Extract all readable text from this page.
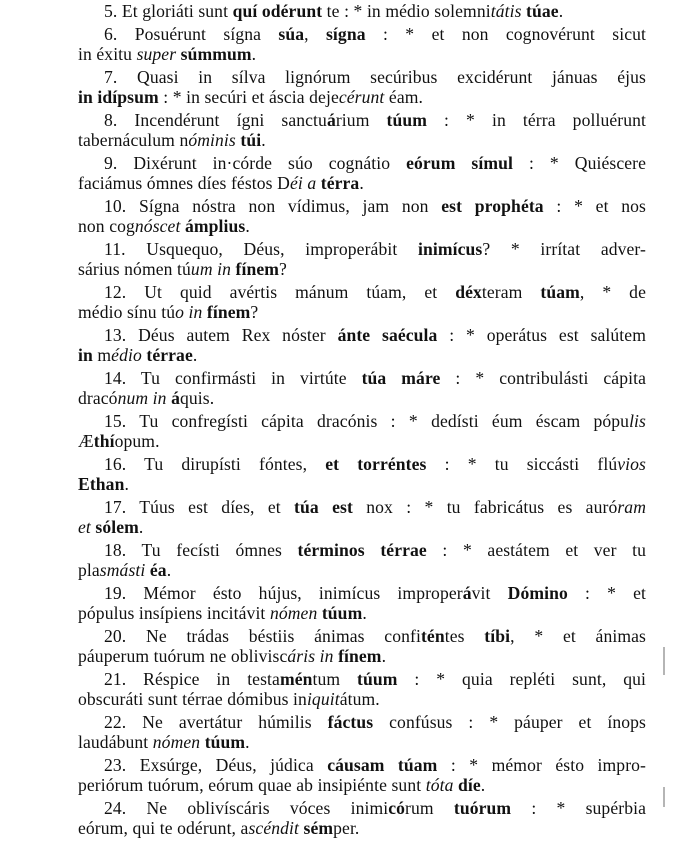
5. Et gloriáti sunt quí odérunt te : * in médio solemnitátis túae.
6. Posuérunt sígna súa, sígna : * et non cognovérunt sicut
in éxitu super súmmum.
7. Quasi in sílva lignórum secúribus excidérunt jánuas éjus
in idípsum : * in secúri et áscia dejecérunt éam.
8. Incendérunt ígni sanctuárium túum : * in térra polluérunt
tabernáculum nóminis túi.
9. Dixérunt in·córde súo cognátio eórum símul : * Quiéscere
faciámus ómnes díes féstos Déi a térra.
10. Sígna nóstra non vídimus, jam non est prophéta : * et nos
non cognóscet ámplius.
11. Usquequo, Déus, improperábit inimícus? * irrítat adver-
sárius nómen túum in fínem?
12. Ut quid avértis mánum túam, et déxteram túam, * de
médio sínu túo in fínem?
13. Déus autem Rex nóster ánte saécula : * operátus est salútem
in médio térrae.
14. Tu confirmásti in virtúte túa máre : * contribulásti cápita
dracónum in áquis.
15. Tu confregísti cápita dracónis : * dedísti éum éscam pópulis
Æthíopum.
16. Tu dirupísti fóntes, et torréntes : * tu siccásti flúvios
Ethan.
17. Túus est díes, et túa est nox : * tu fabricátus es auróram
et sólem.
18. Tu fecísti ómnes términos térrae : * aestátem et ver tu
plasmásti éa.
19. Mémor ésto hújus, inimícus improperávit Dómino : * et
pópulus insípiens incitávit nómen túum.
20. Ne trádas béstiis ánimas confiténtes tíbi, * et ánimas
páuperum tuórum ne obliviscáris in fínem.
21. Réspice in testaméntum túum : * quia repléti sunt, qui
obscuráti sunt térrae dómibus iniquitátum.
22. Ne avertátur húmilis fáctus confúsus : * páuper et ínops
laudábunt nómen túum.
23. Exsúrge, Déus, júdica cáusam túam : * mémor ésto impro-
periórum tuórum, eórum quae ab insipiénte sunt tóta díe.
24. Ne oblivíscáris vóces inimicórum tuórum : * supérbia
eórum, qui te odérunt, ascéndit sémper.
